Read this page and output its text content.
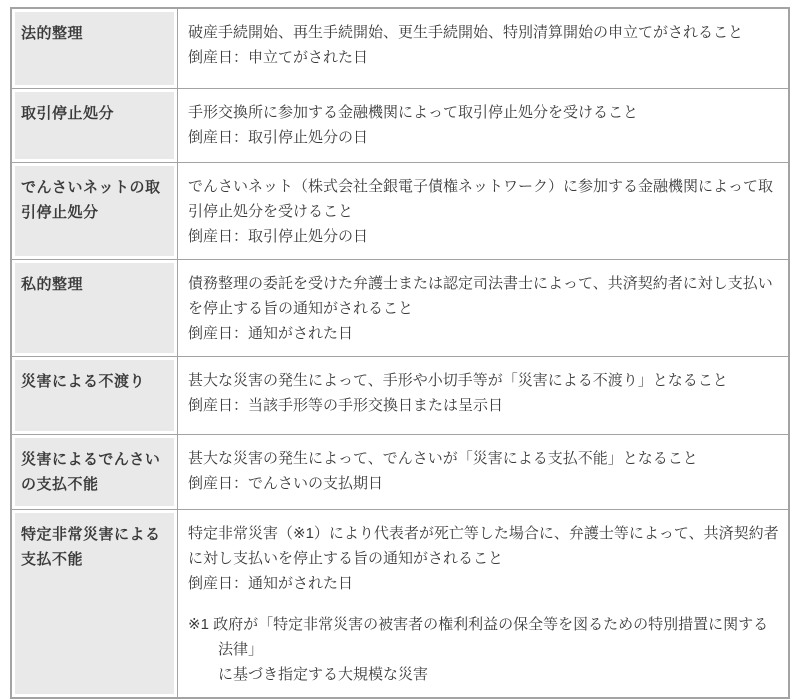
法的整理	破産手続開始、再生手続開始、更生手続開始、特別清算開始の申立てがされること
倒産日：申立てがされた日

取引停止処分	手形交換所に参加する金融機関によって取引停止処分を受けること
倒産日：取引停止処分の日

でんさいネットの取引停止処分	でんさいネット（株式会社全銀電子債権ネットワーク）に参加する金融機関によって取引停止処分を受けること
倒産日：取引停止処分の日

私的整理	債務整理の委託を受けた弁護士または認定司法書士によって、共済契約者に対し支払いを停止する旨の通知がされること
倒産日：通知がされた日

災害による不渡り	甚大な災害の発生によって、手形や小切手等が「災害による不渡り」となること
倒産日：当該手形等の手形交換日または呈示日

災害によるでんさいの支払不能	甚大な災害の発生によって、でんさいが「災害による支払不能」となること
倒産日：でんさいの支払期日

特定非常災害による支払不能	特定非常災害（※1）により代表者が死亡等した場合に、弁護士等によって、共済契約者に対し支払いを停止する旨の通知がされること
倒産日：通知がされた日
※1 政府が「特定非常災害の被害者の権利利益の保全等を図るための特別措置に関する法律」
に基づき指定する大規模な災害
